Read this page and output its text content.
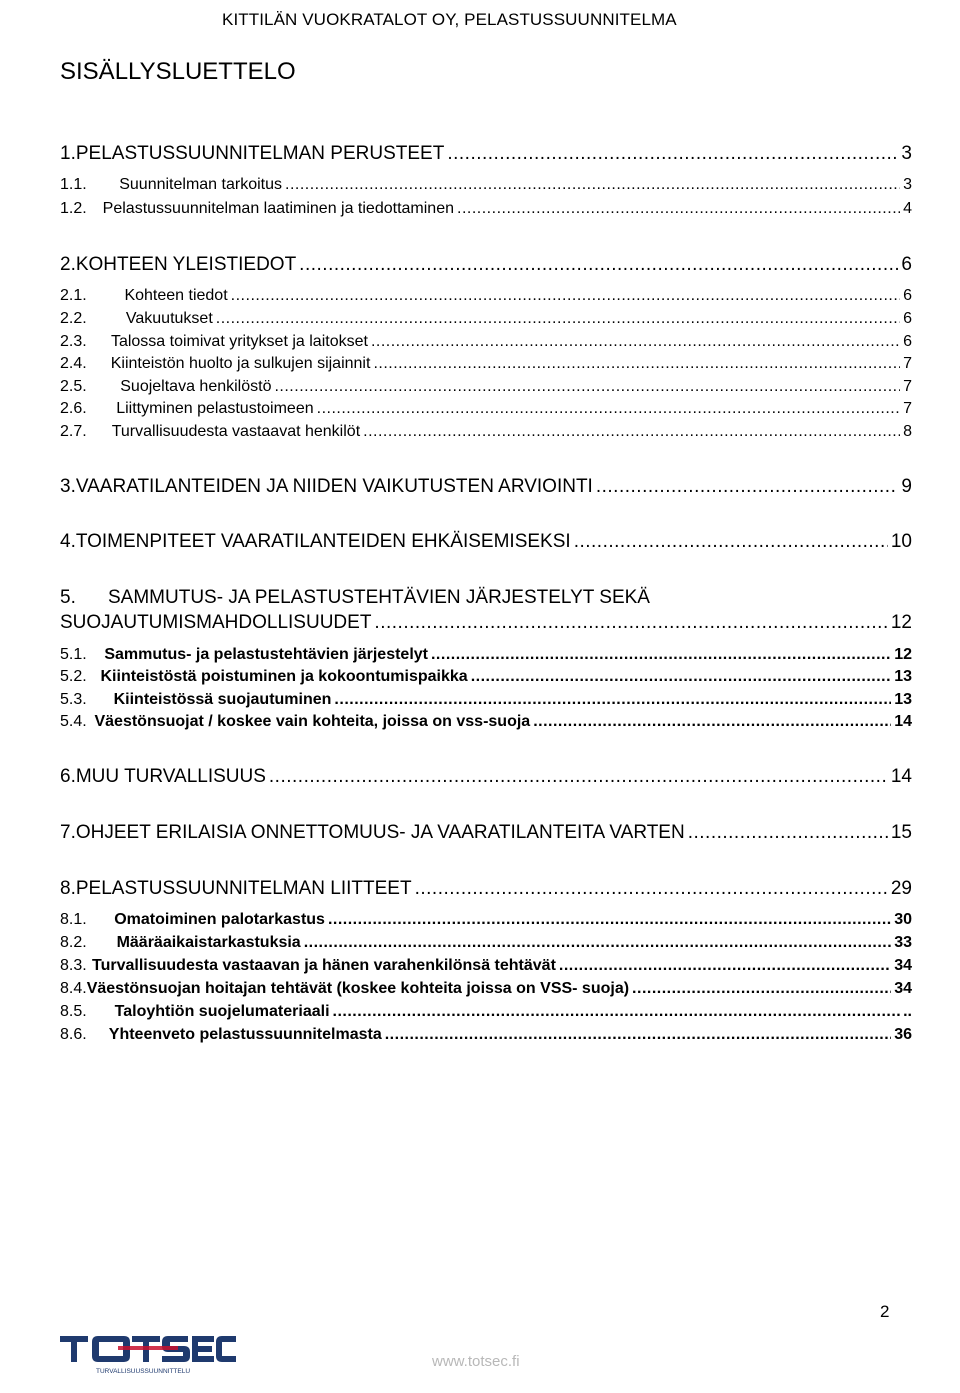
KITTILÄN VUOKRATALOT OY, PELASTUSSUUNNITELMA
SISÄLLYSLUETTELO
1. PELASTUSSUUNNITELMAN PERUSTEET .....	3
1.1.	Suunnitelman tarkoitus .....	3
1.2. Pelastussuunnitelman laatiminen ja tiedottaminen .....	4
2. KOHTEEN YLEISTIEDOT .....	6
2.1.	Kohteen tiedot .....	6
2.2.	Vakuutukset .....	6
2.3.	Talossa toimivat yritykset ja laitokset .....	6
2.4.	Kiinteistön huolto ja sulkujen sijainnit .....	7
2.5.	Suojeltava henkilöstö .....	7
2.6.	Liittyminen pelastustoimeen .....	7
2.7.	Turvallisuudesta vastaavat henkilöt .....	8
3. VAARATILANTEIDEN JA NIIDEN VAIKUTUSTEN ARVIOINTI .....	9
4. TOIMENPITEET VAARATILANTEIDEN EHKÄISEMISEKSI .....	10
5. SAMMUTUS- JA PELASTUSTEHTÄVIEN JÄRJESTELYT SEKÄ
SUOJAUTUMISMAHDOLLISUUDET .....	12
5.1.	Sammutus- ja pelastustehtävien järjestelyt .....	12
5.2. Kiinteistöstä poistuminen ja kokoontumispaikka .....	13
5.3.	Kiinteistössä suojautuminen .....	13
5.4. Väestönsuojat / koskee vain kohteita, joissa on vss-suoja .....	14
6. MUU TURVALLISUUS .....	14
7. OHJEET ERILAISIA ONNETTOMUUS- JA VAARATILANTEITA VARTEN .....	15
8. PELASTUSSUUNNITELMAN LIITTEET .....	29
8.1.	Omatoiminen palotarkastus .....	30
8.2.	Määräaikaistarkastuksia .....	33
8.3. Turvallisuudesta vastaavan ja hänen varahenkilönsä tehtävät .....	34
8.4. Väestönsuojan hoitajan tehtävät (koskee kohteita joissa on VSS- suoja) .....	34
8.5.	Taloyhtiön suojelumateriaali .....	..
8.6.	Yhteenveto pelastussuunnitelmasta .....	36
2
TURVALLISUUSSUUNNITTELU
www.totsec.fi
